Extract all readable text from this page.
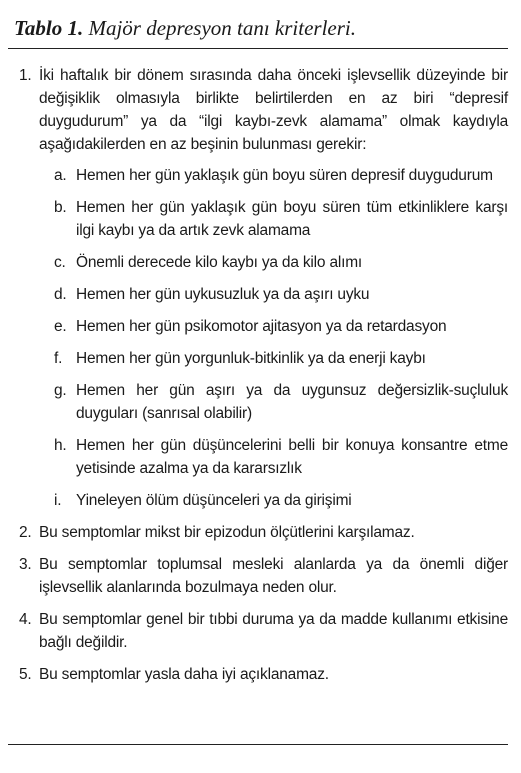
Tablo 1. Majör depresyon tanı kriterleri.
1. İki haftalık bir dönem sırasında daha önceki işlevsellik düzeyinde bir değişiklik olmasıyla birlikte belirtilerden en az biri “depresif duygudurum” ya da “ilgi kaybı-zevk alamama” olmak kaydıyla aşağıdakilerden en az beşinin bulunması gerekir:
a. Hemen her gün yaklaşık gün boyu süren depresif duygudurum
b. Hemen her gün yaklaşık gün boyu süren tüm etkinliklere karşı ilgi kaybı ya da artık zevk alamama
c. Önemli derecede kilo kaybı ya da kilo alımı
d. Hemen her gün uykusuzluk ya da aşırı uyku
e. Hemen her gün psikomotor ajitasyon ya da retardasyon
f. Hemen her gün yorgunluk-bitkinlik ya da enerji kaybı
g. Hemen her gün aşırı ya da uygunsuz değersizlik-suçluluk duyguları (sanrısal olabilir)
h. Hemen her gün düşüncelerini belli bir konuya konsantre etme yetisinde azalma ya da kararsızlık
i. Yineleyen ölüm düşünceleri ya da girişimi
2. Bu semptomlar mikst bir epizodun ölçütlerini karşılamaz.
3. Bu semptomlar toplumsal mesleki alanlarda ya da önemli diğer işlevsellik alanlarında bozulmaya neden olur.
4. Bu semptomlar genel bir tıbbi duruma ya da madde kullanımı etkisine bağlı değildir.
5. Bu semptomlar yasla daha iyi açıklanamaz.
